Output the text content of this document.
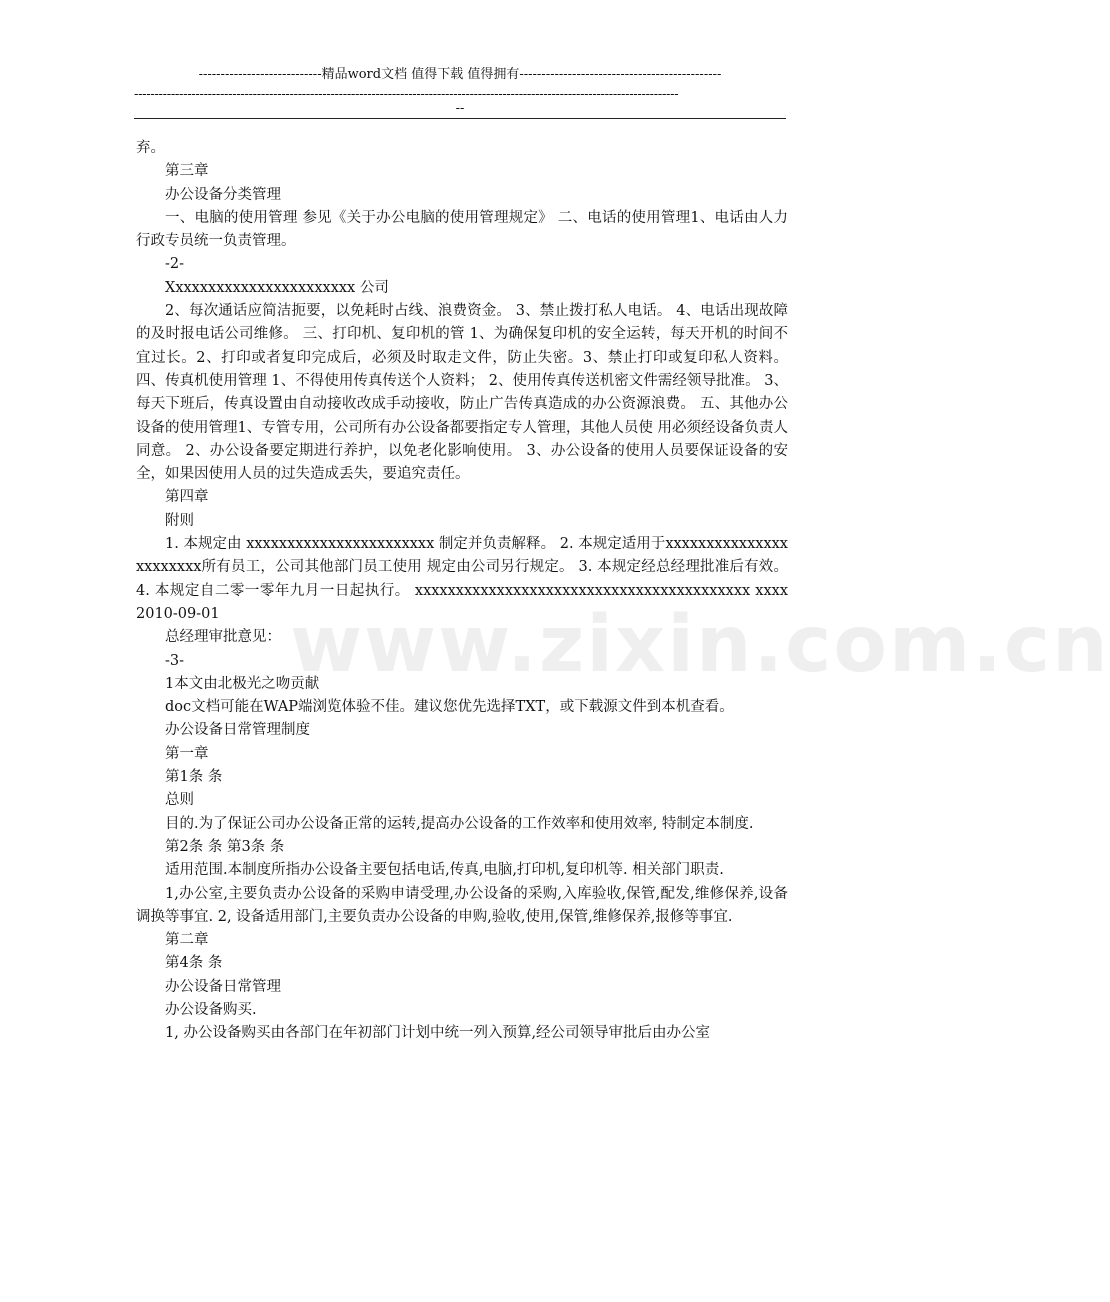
----------------------------精品word文档 值得下载 值得拥有----------------------------------------------
-------------------------------------------------------------------------------------------------------------------------------------
--
www.zixin.com.cn

弃。

第三章

办公设备分类管理

一、电脑的使用管理 参见《关于办公电脑的使用管理规定》 二、电话的使用管理1、电话由人力行政专员统一负责管理。

-2-

Xxxxxxxxxxxxxxxxxxxxxxx 公司

2、每次通话应简洁扼要，以免耗时占线、浪费资金。 3、禁止拨打私人电话。 4、电话出现故障的及时报电话公司维修。 三、打印机、复印机的管 1、为确保复印机的安全运转，每天开机的时间不宜过长。2、打印或者复印完成后，必须及时取走文件，防止失密。3、禁止打印或复印私人资料。 四、传真机使用管理 1、不得使用传真传送个人资料； 2、使用传真传送机密文件需经领导批准。 3、每天下班后，传真设置由自动接收改成手动接收，防止广告传真造成的办公资源浪费。 五、其他办公设备的使用管理1、专管专用，公司所有办公设备都要指定专人管理，其他人员使 用必须经设备负责人同意。 2、办公设备要定期进行养护，以免老化影响使用。 3、办公设备的使用人员要保证设备的安全，如果因使用人员的过失造成丢失，要追究责任。

第四章

附则

1. 本规定由 xxxxxxxxxxxxxxxxxxxxxxx 制定并负责解释。 2. 本规定适用于xxxxxxxxxxxxxxxxxxxxxxx所有员工，公司其他部门员工使用 规定由公司另行规定。 3. 本规定经总经理批准后有效。 4. 本规定自二零一零年九月一日起执行。 xxxxxxxxxxxxxxxxxxxxxxxxxxxxxxxxxxxxxxxxx xxxx 2010-09-01

总经理审批意见：

-3-

1本文由北极光之吻贡献

doc文档可能在WAP端浏览体验不佳。建议您优先选择TXT，或下载源文件到本机查看。

办公设备日常管理制度

第一章

第1条 条

总则

目的.为了保证公司办公设备正常的运转,提高办公设备的工作效率和使用效率, 特制定本制度.

第2条 条 第3条 条

适用范围.本制度所指办公设备主要包括电话,传真,电脑,打印机,复印机等. 相关部门职责.

1,办公室,主要负责办公设备的采购申请受理,办公设备的采购,入库验收,保管,配发,维修保养,设备调换等事宜. 2, 设备适用部门,主要负责办公设备的申购,验收,使用,保管,维修保养,报修等事宜.

第二章

第4条 条

办公设备日常管理

办公设备购买.

1, 办公设备购买由各部门在年初部门计划中统一列入预算,经公司领导审批后由办公室
